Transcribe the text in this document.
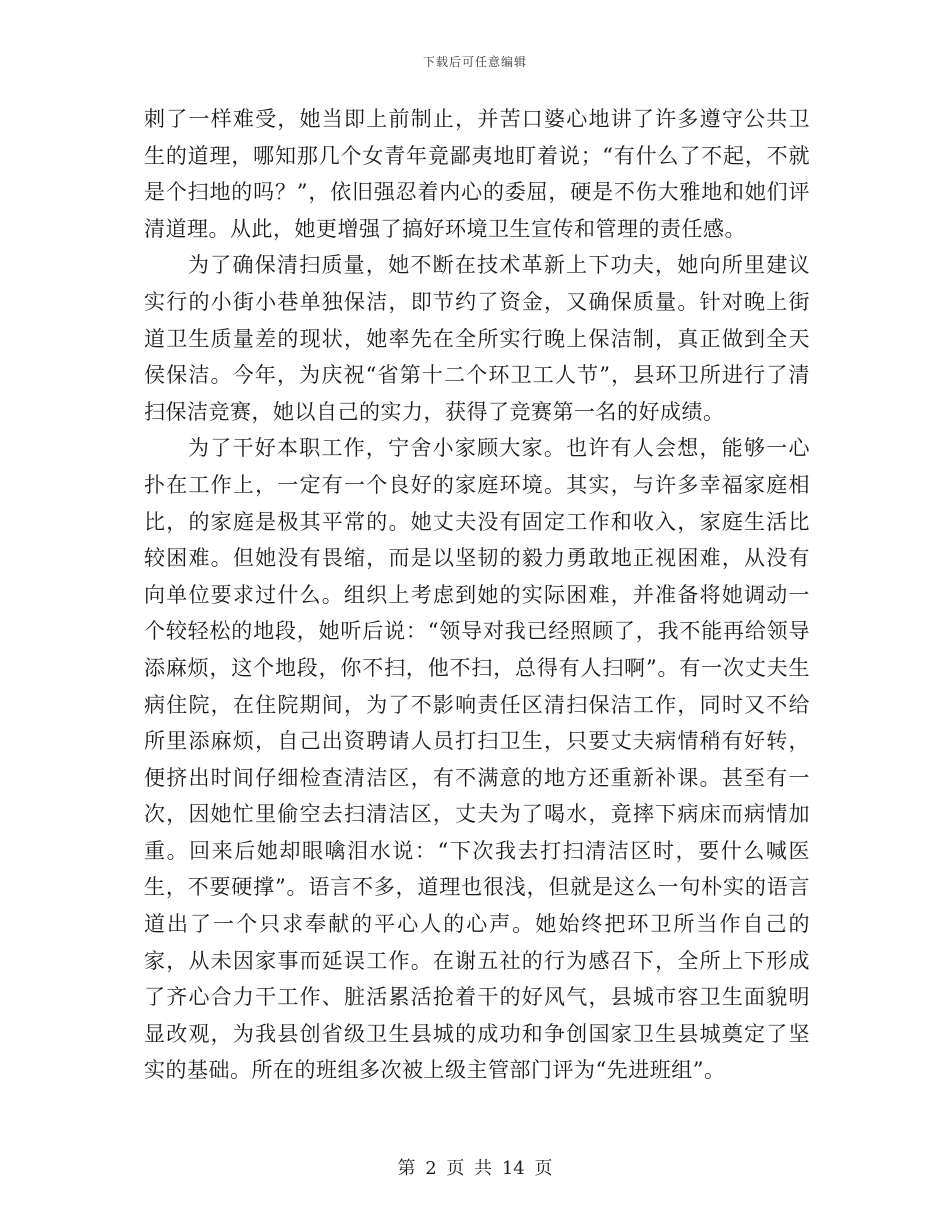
下载后可任意编辑

刺了一样难受，她当即上前制止，并苦口婆心地讲了许多遵守公共卫生的道理，哪知那几个女青年竟鄙夷地盯着说；“有什么了不起，不就是个扫地的吗？”，依旧强忍着内心的委屈，硬是不伤大雅地和她们评清道理。从此，她更增强了搞好环境卫生宣传和管理的责任感。

为了确保清扫质量，她不断在技术革新上下功夫，她向所里建议实行的小街小巷单独保洁，即节约了资金，又确保质量。针对晚上街道卫生质量差的现状，她率先在全所实行晚上保洁制，真正做到全天侯保洁。今年，为庆祝“省第十二个环卫工人节”，县环卫所进行了清扫保洁竞赛，她以自己的实力，获得了竞赛第一名的好成绩。

为了干好本职工作，宁舍小家顾大家。也许有人会想，能够一心扑在工作上，一定有一个良好的家庭环境。其实，与许多幸福家庭相比，的家庭是极其平常的。她丈夫没有固定工作和收入，家庭生活比较困难。但她没有畏缩，而是以坚韧的毅力勇敢地正视困难，从没有向单位要求过什么。组织上考虑到她的实际困难，并准备将她调动一个较轻松的地段，她听后说：“领导对我已经照顾了，我不能再给领导添麻烦，这个地段，你不扫，他不扫，总得有人扫啊”。有一次丈夫生病住院，在住院期间，为了不影响责任区清扫保洁工作，同时又不给所里添麻烦，自己出资聘请人员打扫卫生，只要丈夫病情稍有好转，便挤出时间仔细检查清洁区，有不满意的地方还重新补课。甚至有一次，因她忙里偷空去扫清洁区，丈夫为了喝水，竟摔下病床而病情加重。回来后她却眼噙泪水说：“下次我去打扫清洁区时，要什么喊医生，不要硬撑”。语言不多，道理也很浅，但就是这么一句朴实的语言道出了一个只求奉献的平心人的心声。她始终把环卫所当作自己的家，从未因家事而延误工作。在谢五社的行为感召下，全所上下形成了齐心合力干工作、脏活累活抢着干的好风气，县城市容卫生面貌明显改观，为我县创省级卫生县城的成功和争创国家卫生县城奠定了坚实的基础。所在的班组多次被上级主管部门评为“先进班组”。

第 2 页 共 14 页
